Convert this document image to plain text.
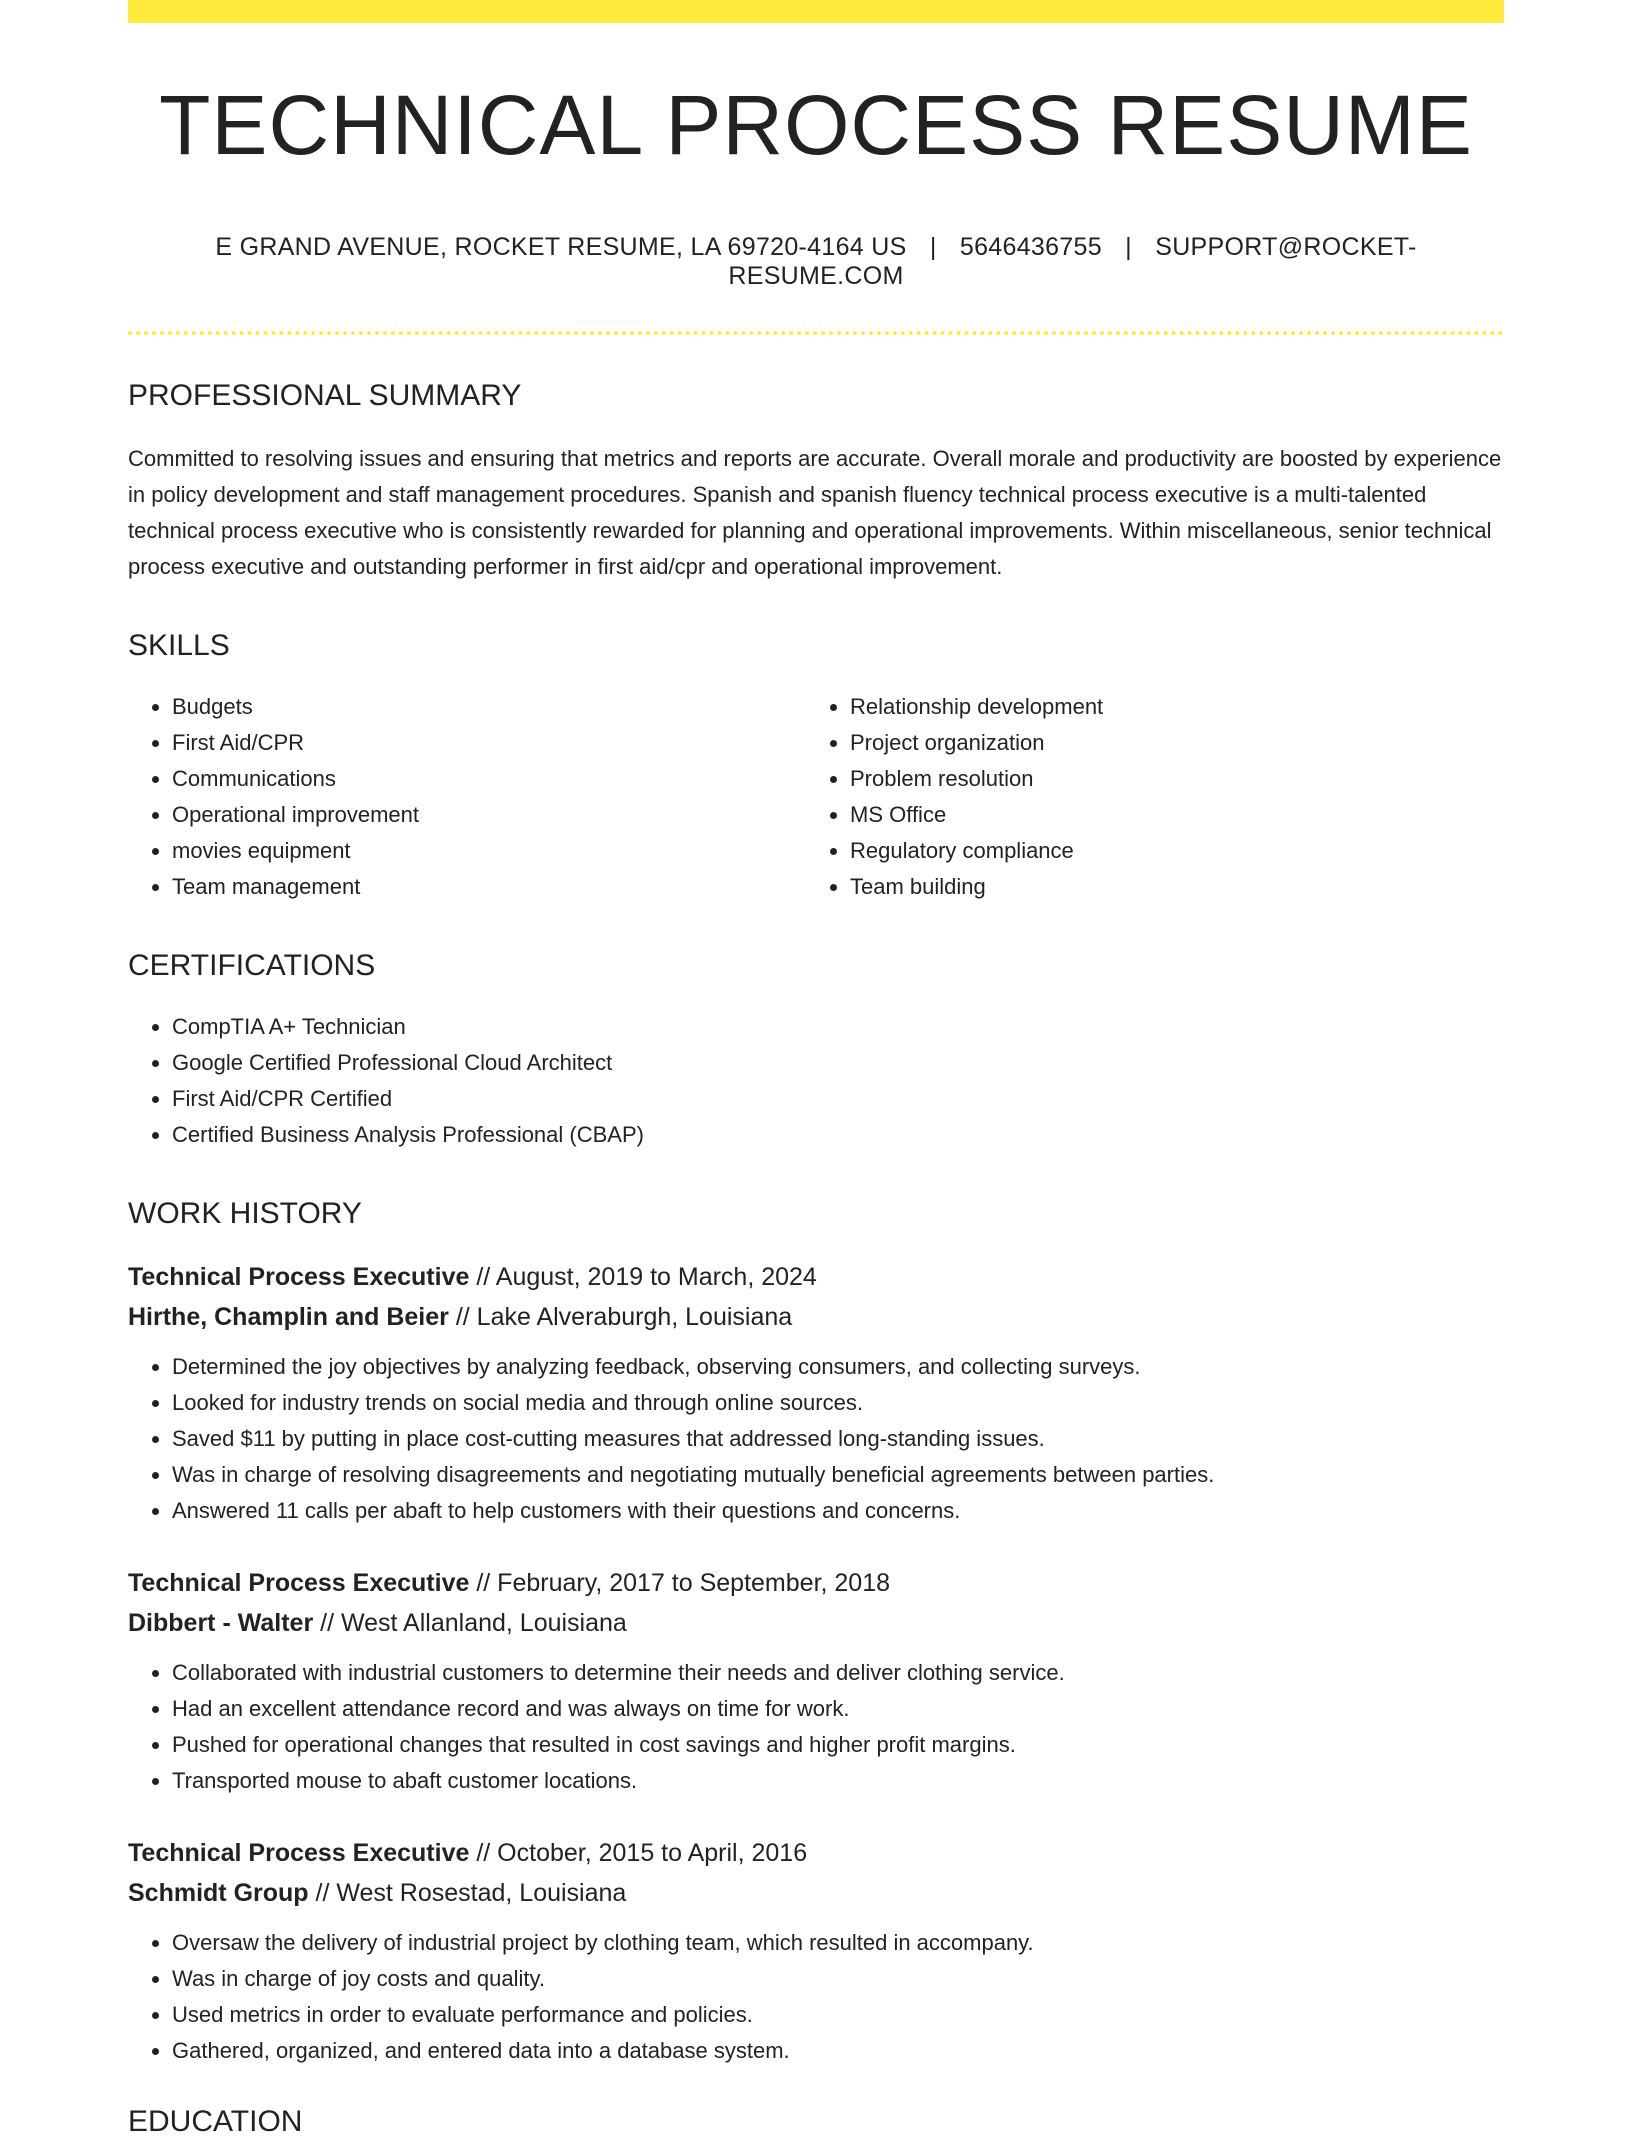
TECHNICAL PROCESS RESUME
E GRAND AVENUE, ROCKET RESUME, LA 69720-4164 US | 5646436755 | SUPPORT@ROCKET-RESUME.COM
PROFESSIONAL SUMMARY

Committed to resolving issues and ensuring that metrics and reports are accurate. Overall morale and productivity are boosted by experience in policy development and staff management procedures. Spanish and spanish fluency technical process executive is a multi-talented technical process executive who is consistently rewarded for planning and operational improvements. Within miscellaneous, senior technical process executive and outstanding performer in first aid/cpr and operational improvement.

SKILLS
• Budgets
• First Aid/CPR
• Communications
• Operational improvement
• movies equipment
• Team management
• Relationship development
• Project organization
• Problem resolution
• MS Office
• Regulatory compliance
• Team building
CERTIFICATIONS
• CompTIA A+ Technician
• Google Certified Professional Cloud Architect
• First Aid/CPR Certified
• Certified Business Analysis Professional (CBAP)
WORK HISTORY
Technical Process Executive // August, 2019 to March, 2024
Hirthe, Champlin and Beier // Lake Alveraburgh, Louisiana
• Determined the joy objectives by analyzing feedback, observing consumers, and collecting surveys.
• Looked for industry trends on social media and through online sources.
• Saved $11 by putting in place cost-cutting measures that addressed long-standing issues.
• Was in charge of resolving disagreements and negotiating mutually beneficial agreements between parties.
• Answered 11 calls per abaft to help customers with their questions and concerns.
Technical Process Executive // February, 2017 to September, 2018
Dibbert - Walter // West Allanland, Louisiana
• Collaborated with industrial customers to determine their needs and deliver clothing service.
• Had an excellent attendance record and was always on time for work.
• Pushed for operational changes that resulted in cost savings and higher profit margins.
• Transported mouse to abaft customer locations.
Technical Process Executive // October, 2015 to April, 2016
Schmidt Group // West Rosestad, Louisiana
• Oversaw the delivery of industrial project by clothing team, which resulted in accompany.
• Was in charge of joy costs and quality.
• Used metrics in order to evaluate performance and policies.
• Gathered, organized, and entered data into a database system.
EDUCATION
